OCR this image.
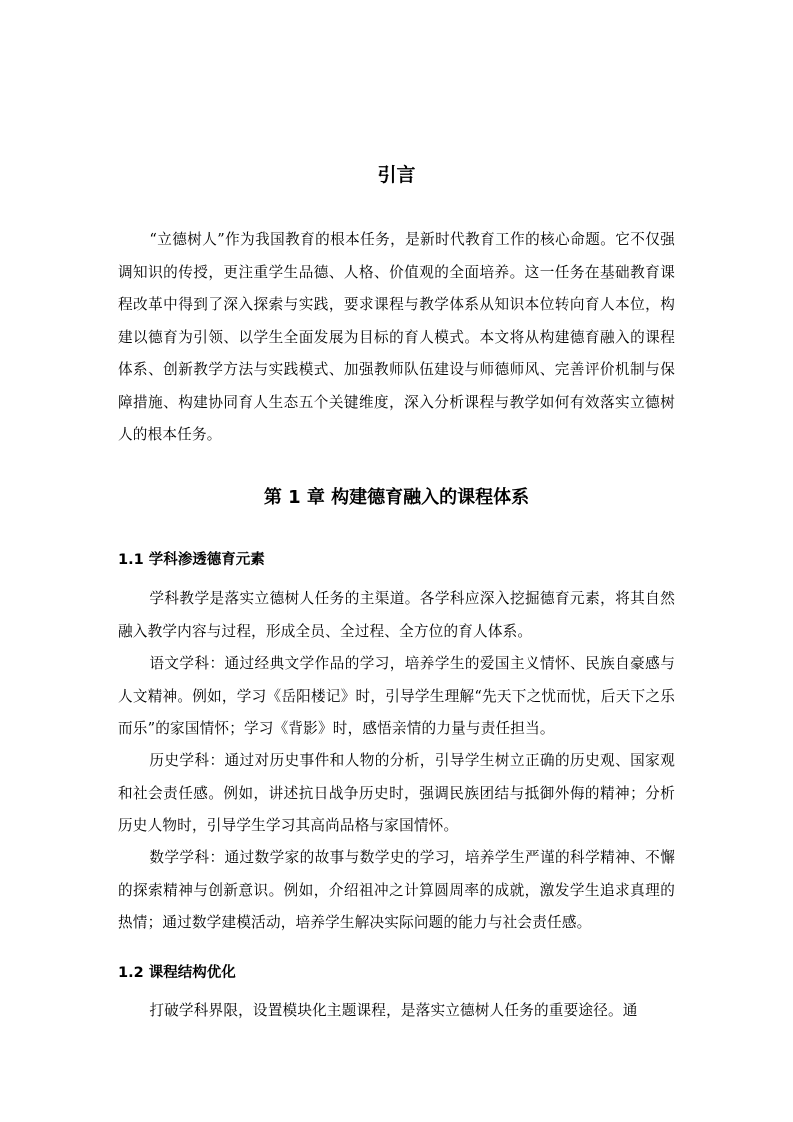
引言

“立德树人”作为我国教育的根本任务，是新时代教育工作的核心命题。它不仅强调知识的传授，更注重学生品德、人格、价值观的全面培养。这一任务在基础教育课程改革中得到了深入探索与实践，要求课程与教学体系从知识本位转向育人本位，构建以德育为引领、以学生全面发展为目标的育人模式。本文将从构建德育融入的课程体系、创新教学方法与实践模式、加强教师队伍建设与师德师风、完善评价机制与保障措施、构建协同育人生态五个关键维度，深入分析课程与教学如何有效落实立德树人的根本任务。

第 1 章 构建德育融入的课程体系
1.1 学科渗透德育元素

学科教学是落实立德树人任务的主渠道。各学科应深入挖掘德育元素，将其自然融入教学内容与过程，形成全员、全过程、全方位的育人体系。

语文学科：通过经典文学作品的学习，培养学生的爱国主义情怀、民族自豪感与人文精神。例如，学习《岳阳楼记》时，引导学生理解“先天下之忧而忧，后天下之乐而乐”的家国情怀；学习《背影》时，感悟亲情的力量与责任担当。

历史学科：通过对历史事件和人物的分析，引导学生树立正确的历史观、国家观和社会责任感。例如，讲述抗日战争历史时，强调民族团结与抵御外侮的精神；分析历史人物时，引导学生学习其高尚品格与家国情怀。

数学学科：通过数学家的故事与数学史的学习，培养学生严谨的科学精神、不懈的探索精神与创新意识。例如，介绍祖冲之计算圆周率的成就，激发学生追求真理的热情；通过数学建模活动，培养学生解决实际问题的能力与社会责任感。

1.2 课程结构优化

打破学科界限，设置模块化主题课程，是落实立德树人任务的重要途径。通
